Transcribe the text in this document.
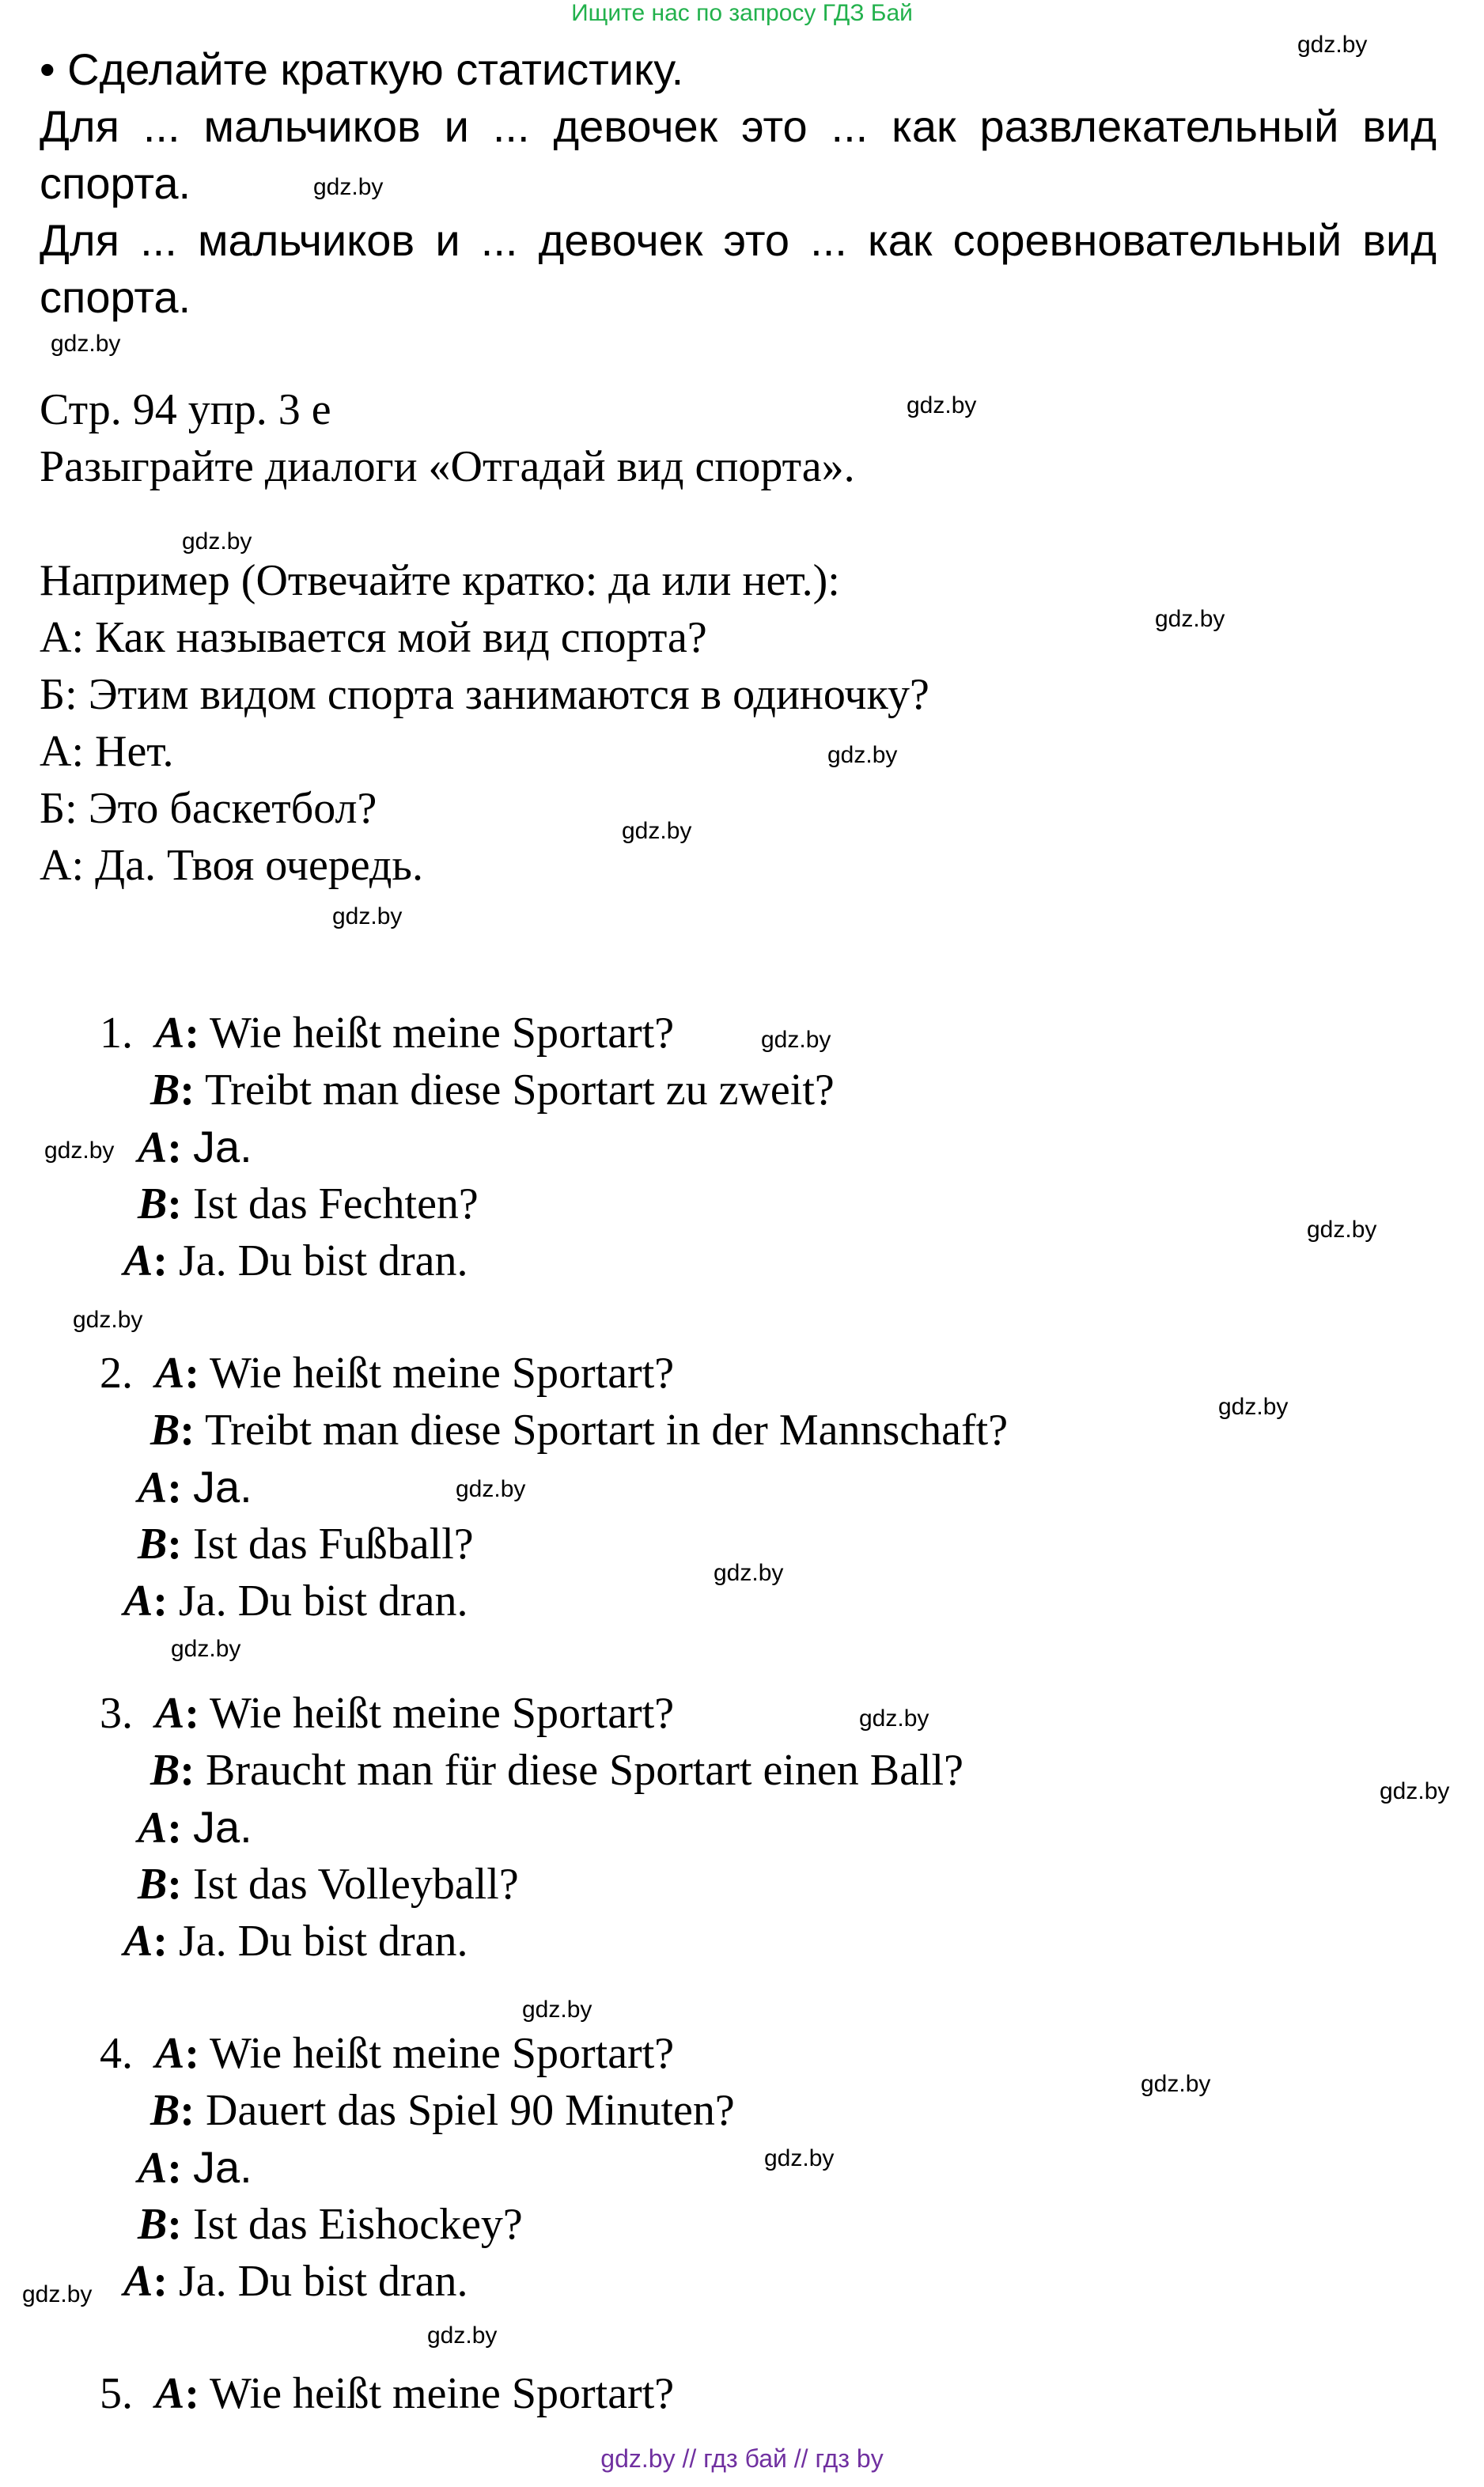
Ищите нас по запросу ГДЗ Бай
gdz.by
gdz.by
gdz.by
gdz.by
gdz.by
gdz.by
gdz.by
gdz.by
gdz.by
gdz.by
gdz.by
gdz.by
gdz.by
gdz.by
gdz.by
gdz.by
gdz.by
gdz.by
gdz.by
gdz.by
gdz.by
gdz.by
gdz.by
gdz.by
• Сделайте краткую статистику.
Для ... мальчиков и ... девочек это ... как развлекательный вид
спорта.
Для ... мальчиков и ... девочек это ... как соревновательный вид
спорта.
Стр. 94 упр. 3 е
Разыграйте диалоги «Отгадай вид спорта».
Например (Отвечайте кратко: да или нет.):
А: Как называется мой вид спорта?
Б: Этим видом спорта занимаются в одиночку?
А: Нет.
Б: Это баскетбол?
А: Да. Твоя очередь.
1. A: Wie heißt meine Sportart?
B: Treibt man diese Sportart zu zweit?
A: Ja.
B: Ist das Fechten?
A: Ja. Du bist dran.
2. A: Wie heißt meine Sportart?
B: Treibt man diese Sportart in der Mannschaft?
A: Ja.
B: Ist das Fußball?
A: Ja. Du bist dran.
3. A: Wie heißt meine Sportart?
B: Braucht man für diese Sportart einen Ball?
A: Ja.
B: Ist das Volleyball?
A: Ja. Du bist dran.
4. A: Wie heißt meine Sportart?
B: Dauert das Spiel 90 Minuten?
A: Ja.
B: Ist das Eishockey?
A: Ja. Du bist dran.
5. A: Wie heißt meine Sportart?
gdz.by // гдз бай // гдз by
